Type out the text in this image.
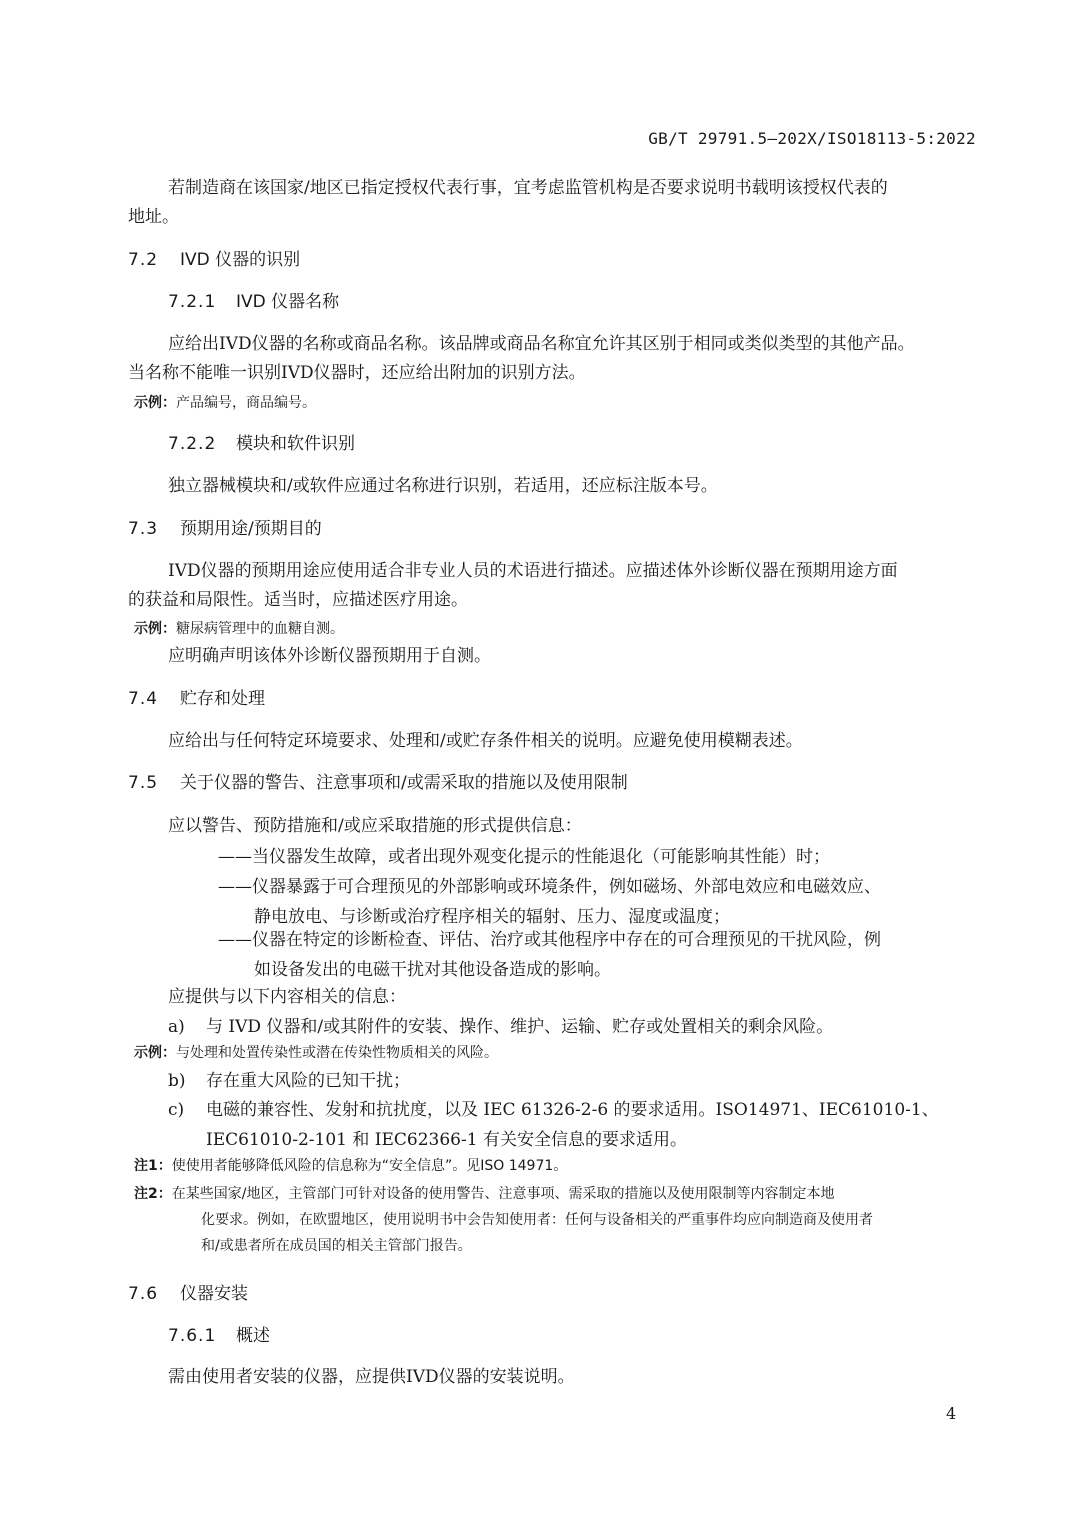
GB/T 29791.5—202X/ISO18113-5:2022
若制造商在该国家/地区已指定授权代表行事，宜考虑监管机构是否要求说明书载明该授权代表的
地址。
7.2 IVD 仪器的识别
7.2.1 IVD 仪器名称
应给出IVD仪器的名称或商品名称。该品牌或商品名称宜允许其区别于相同或类似类型的其他产品。
当名称不能唯一识别IVD仪器时，还应给出附加的识别方法。
示例：产品编号，商品编号。
7.2.2 模块和软件识别
独立器械模块和/或软件应通过名称进行识别，若适用，还应标注版本号。
7.3 预期用途/预期目的
IVD仪器的预期用途应使用适合非专业人员的术语进行描述。应描述体外诊断仪器在预期用途方面
的获益和局限性。适当时，应描述医疗用途。
示例：糖尿病管理中的血糖自测。
应明确声明该体外诊断仪器预期用于自测。
7.4 贮存和处理
应给出与任何特定环境要求、处理和/或贮存条件相关的说明。应避免使用模糊表述。
7.5 关于仪器的警告、注意事项和/或需采取的措施以及使用限制
应以警告、预防措施和/或应采取措施的形式提供信息：
——当仪器发生故障，或者出现外观变化提示的性能退化（可能影响其性能）时；
——仪器暴露于可合理预见的外部影响或环境条件，例如磁场、外部电效应和电磁效应、
静电放电、与诊断或治疗程序相关的辐射、压力、湿度或温度；
——仪器在特定的诊断检查、评估、治疗或其他程序中存在的可合理预见的干扰风险，例
如设备发出的电磁干扰对其他设备造成的影响。
应提供与以下内容相关的信息：
a) 与 IVD 仪器和/或其附件的安装、操作、维护、运输、贮存或处置相关的剩余风险。
示例：与处理和处置传染性或潜在传染性物质相关的风险。
b) 存在重大风险的已知干扰；
c) 电磁的兼容性、发射和抗扰度，以及 IEC 61326-2-6 的要求适用。ISO14971、IEC61010-1、
IEC61010-2-101 和 IEC62366-1 有关安全信息的要求适用。
注1：使使用者能够降低风险的信息称为“安全信息”。见ISO 14971。
注2：在某些国家/地区，主管部门可针对设备的使用警告、注意事项、需采取的措施以及使用限制等内容制定本地
化要求。例如，在欧盟地区，使用说明书中会告知使用者：任何与设备相关的严重事件均应向制造商及使用者
和/或患者所在成员国的相关主管部门报告。
7.6 仪器安装
7.6.1 概述
需由使用者安装的仪器，应提供IVD仪器的安装说明。
4
